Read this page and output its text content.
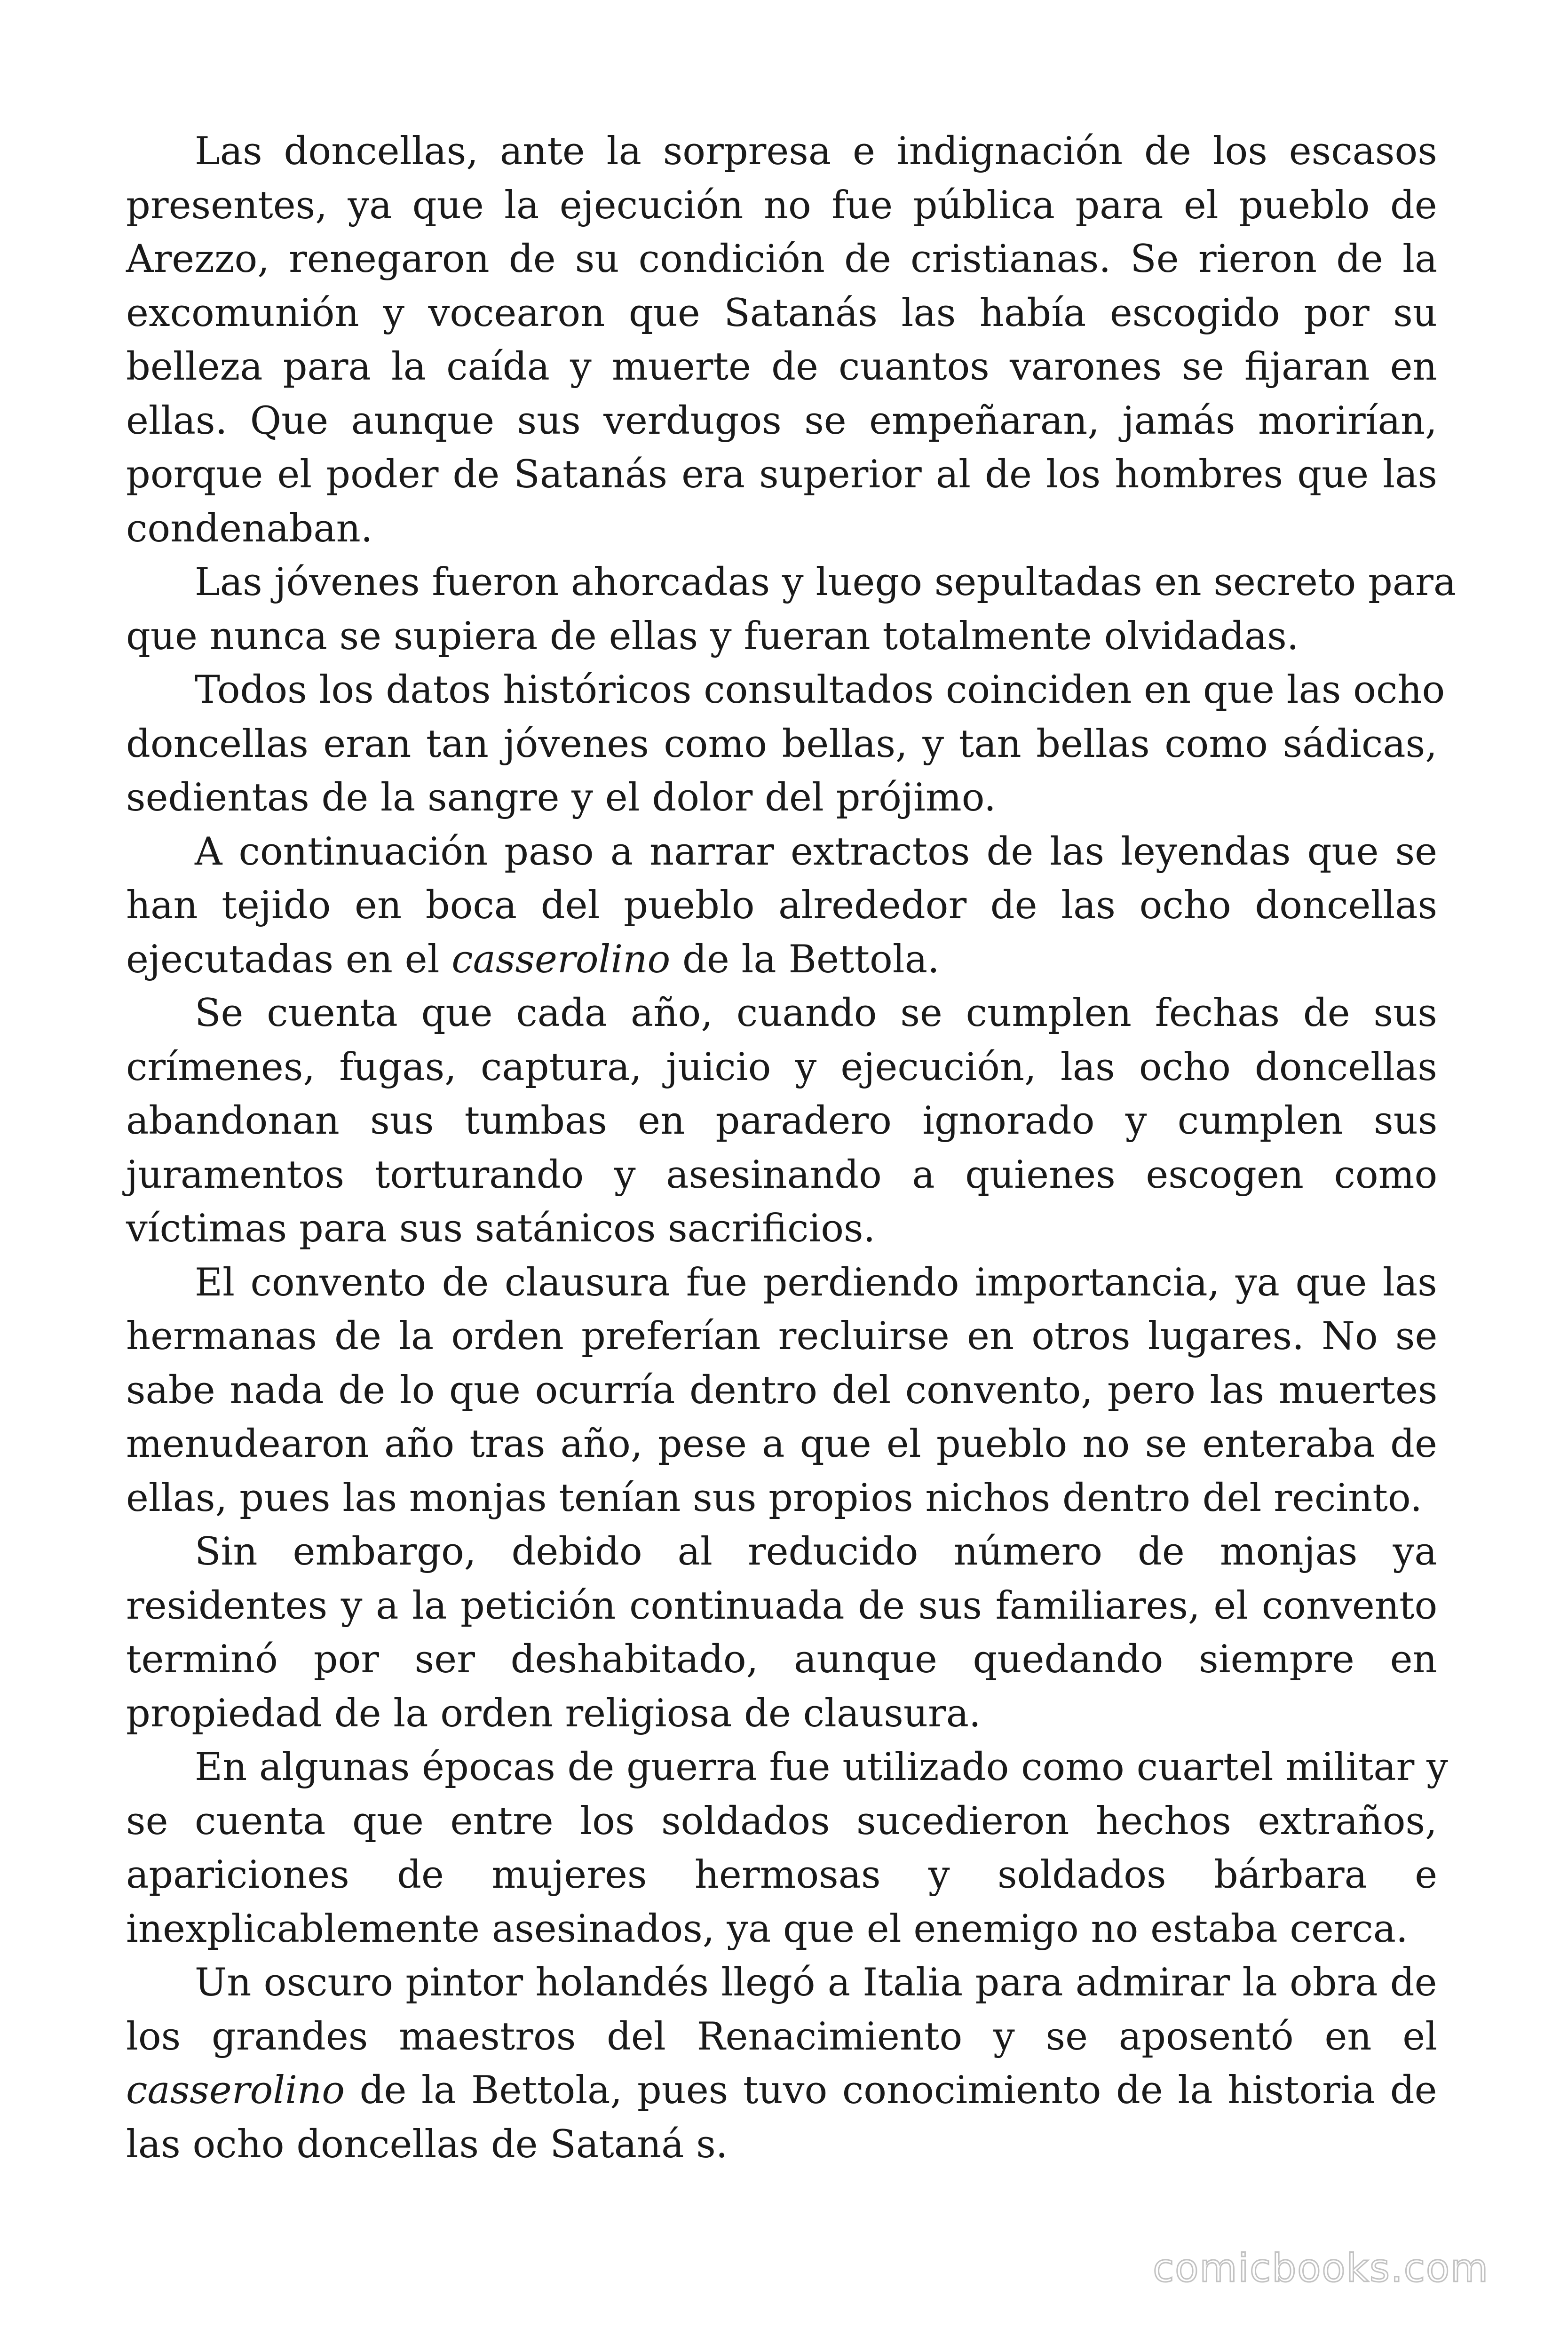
Las doncellas, ante la sorpresa e indignación de los escasos
presentes, ya que la ejecución no fue pública para el pueblo de
Arezzo, renegaron de su condición de cristianas. Se rieron de la
excomunión y vocearon que Satanás las había escogido por su
belleza para la caída y muerte de cuantos varones se fijaran en
ellas. Que aunque sus verdugos se empeñaran, jamás morirían,
porque el poder de Satanás era superior al de los hombres que las
condenaban.

Las jóvenes fueron ahorcadas y luego sepultadas en secreto para
que nunca se supiera de ellas y fueran totalmente olvidadas.

Todos los datos históricos consultados coinciden en que las ocho
doncellas eran tan jóvenes como bellas, y tan bellas como sádicas,
sedientas de la sangre y el dolor del prójimo.

A continuación paso a narrar extractos de las leyendas que se
han tejido en boca del pueblo alrededor de las ocho doncellas
ejecutadas en el casserolino de la Bettola.

Se cuenta que cada año, cuando se cumplen fechas de sus
crímenes, fugas, captura, juicio y ejecución, las ocho doncellas
abandonan sus tumbas en paradero ignorado y cumplen sus
juramentos torturando y asesinando a quienes escogen como
víctimas para sus satánicos sacrificios.

El convento de clausura fue perdiendo importancia, ya que las
hermanas de la orden preferían recluirse en otros lugares. No se
sabe nada de lo que ocurría dentro del convento, pero las muertes
menudearon año tras año, pese a que el pueblo no se enteraba de
ellas, pues las monjas tenían sus propios nichos dentro del recinto.

Sin embargo, debido al reducido número de monjas ya
residentes y a la petición continuada de sus familiares, el convento
terminó por ser deshabitado, aunque quedando siempre en
propiedad de la orden religiosa de clausura.

En algunas épocas de guerra fue utilizado como cuartel militar y
se cuenta que entre los soldados sucedieron hechos extraños,
apariciones de mujeres hermosas y soldados bárbara e
inexplicablemente asesinados, ya que el enemigo no estaba cerca.

Un oscuro pintor holandés llegó a Italia para admirar la obra de
los grandes maestros del Renacimiento y se aposentó en el
casserolino de la Bettola, pues tuvo conocimiento de la historia de
las ocho doncellas de Sataná s.

comicbooks.com
